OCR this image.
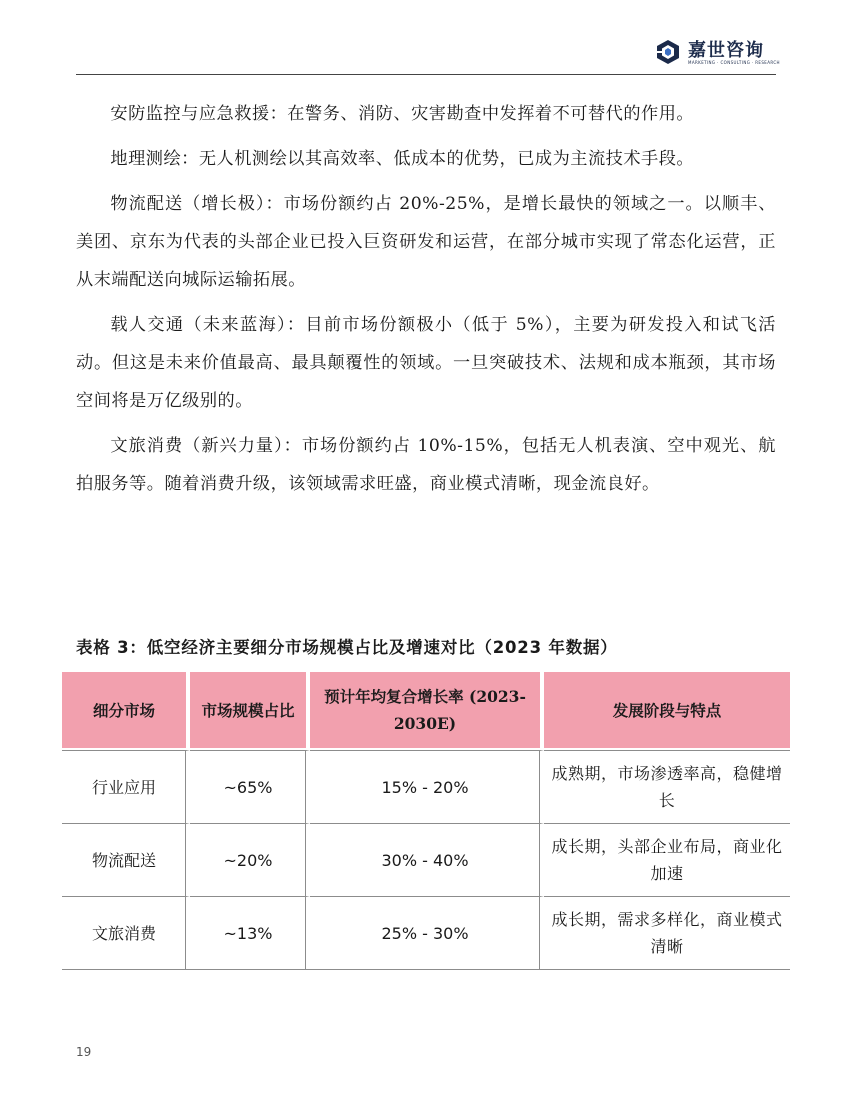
嘉世咨询
MARKETING · CONSULTING · RESEARCH

安防监控与应急救援：在警务、消防、灾害勘查中发挥着不可替代的作用。

地理测绘：无人机测绘以其高效率、低成本的优势，已成为主流技术手段。

物流配送（增长极）：市场份额约占 20%-25%，是增长最快的领域之一。以顺丰、美团、京东为代表的头部企业已投入巨资研发和运营，在部分城市实现了常态化运营，正从末端配送向城际运输拓展。

载人交通（未来蓝海）：目前市场份额极小（低于 5%），主要为研发投入和试飞活动。但这是未来价值最高、最具颠覆性的领域。一旦突破技术、法规和成本瓶颈，其市场空间将是万亿级别的。

文旅消费（新兴力量）：市场份额约占 10%-15%，包括无人机表演、空中观光、航拍服务等。随着消费升级，该领域需求旺盛，商业模式清晰，现金流良好。

表格 3：低空经济主要细分市场规模占比及增速对比（2023 年数据）
细分市场	市场规模占比	预计年均复合增长率 (2023-2030E)	发展阶段与特点
行业应用	~65%	15% - 20%	成熟期，市场渗透率高，稳健增长
物流配送	~20%	30% - 40%	成长期，头部企业布局，商业化加速
文旅消费	~13%	25% - 30%	成长期，需求多样化，商业模式清晰
19
